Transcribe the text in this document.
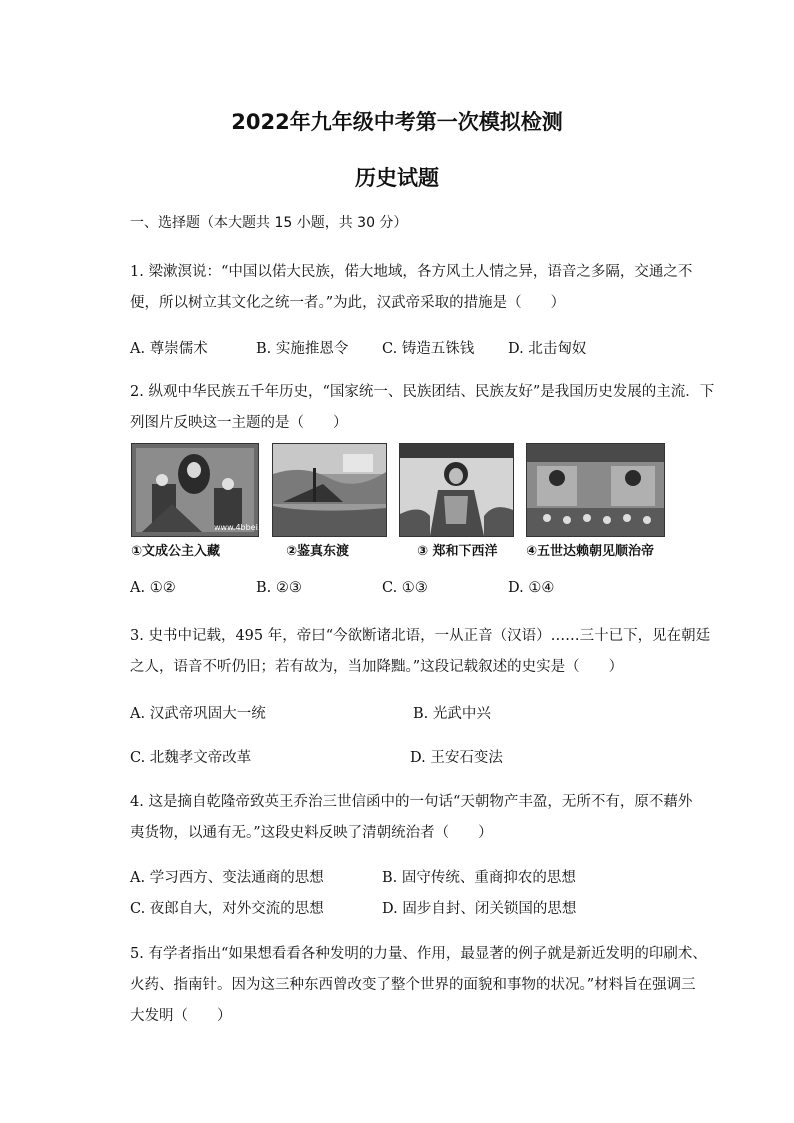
2022年九年级中考第一次模拟检测
历史试题
一、选择题（本大题共 15 小题，共 30 分）
1. 梁漱溟说：“中国以偌大民族，偌大地域，各方风土人情之异，语音之多隔，交通之不
便，所以树立其文化之统一者。”为此，汉武帝采取的措施是（　　）
A. 尊崇儒术	B. 实施推恩令 C. 铸造五铢钱 D. 北击匈奴
2. 纵观中华民族五千年历史，“国家统一、民族团结、民族友好”是我国历史发展的主流．下
列图片反映这一主题的是（　　）
www.4bbei.cn
①文成公主入藏	②鉴真东渡	③ 郑和下西洋 ④五世达赖朝见顺治帝
A. ①②	B. ②③	C. ①③	D. ①④
3. 史书中记载，495 年，帝曰“今欲断诸北语，一从正音（汉语）……三十已下，见在朝廷
之人，语音不听仍旧；若有故为，当加降黜。”这段记载叙述的史实是（　　）
A. 汉武帝巩固大一统	B. 光武中兴
C. 北魏孝文帝改革	D. 王安石变法
4. 这是摘自乾隆帝致英王乔治三世信函中的一句话“天朝物产丰盈，无所不有，原不藉外
夷货物，以通有无。”这段史料反映了清朝统治者（　　）
A. 学习西方、变法通商的思想	B. 固守传统、重商抑农的思想
C. 夜郎自大，对外交流的思想	D. 固步自封、闭关锁国的思想
5. 有学者指出“如果想看看各种发明的力量、作用，最显著的例子就是新近发明的印刷术、
火药、指南针。因为这三种东西曾改变了整个世界的面貌和事物的状况。”材料旨在强调三
大发明（　　）
